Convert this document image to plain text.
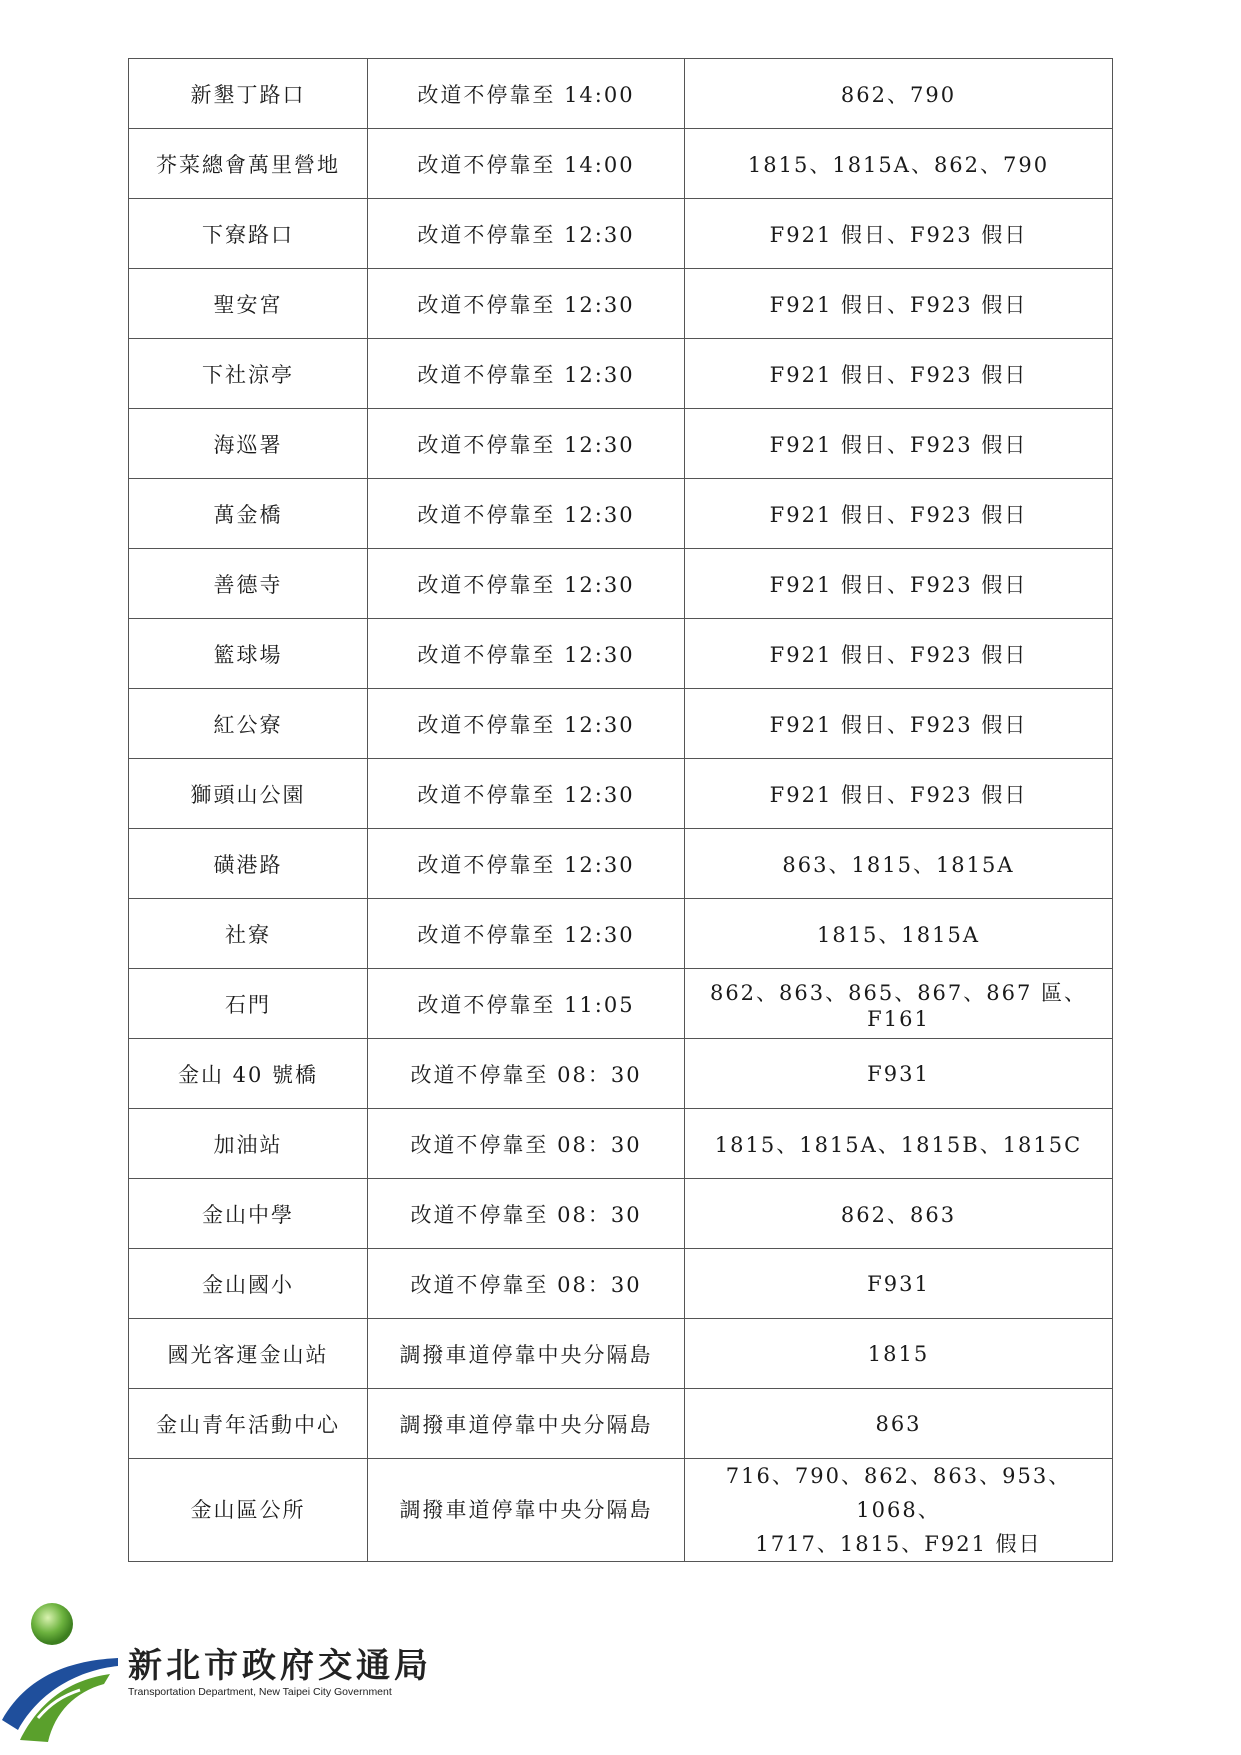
新墾丁路口	改道不停靠至 14:00	862、790
芥菜總會萬里營地	改道不停靠至 14:00	1815、1815A、862、790
下寮路口	改道不停靠至 12:30	F921 假日、F923 假日
聖安宮	改道不停靠至 12:30	F921 假日、F923 假日
下社涼亭	改道不停靠至 12:30	F921 假日、F923 假日
海巡署	改道不停靠至 12:30	F921 假日、F923 假日
萬金橋	改道不停靠至 12:30	F921 假日、F923 假日
善德寺	改道不停靠至 12:30	F921 假日、F923 假日
籃球場	改道不停靠至 12:30	F921 假日、F923 假日
紅公寮	改道不停靠至 12:30	F921 假日、F923 假日
獅頭山公園	改道不停靠至 12:30	F921 假日、F923 假日
磺港路	改道不停靠至 12:30	863、1815、1815A
社寮	改道不停靠至 12:30	1815、1815A
石門	改道不停靠至 11:05	862、863、865、867、867 區、F161
金山 40 號橋	改道不停靠至 08：30	F931
加油站	改道不停靠至 08：30	1815、1815A、1815B、1815C
金山中學	改道不停靠至 08：30	862、863
金山國小	改道不停靠至 08：30	F931
國光客運金山站	調撥車道停靠中央分隔島	1815
金山青年活動中心	調撥車道停靠中央分隔島	863
金山區公所	調撥車道停靠中央分隔島	716、790、862、863、953、1068、
1717、1815、F921 假日
新北市政府交通局
Transportation Department, New Taipei City Government
